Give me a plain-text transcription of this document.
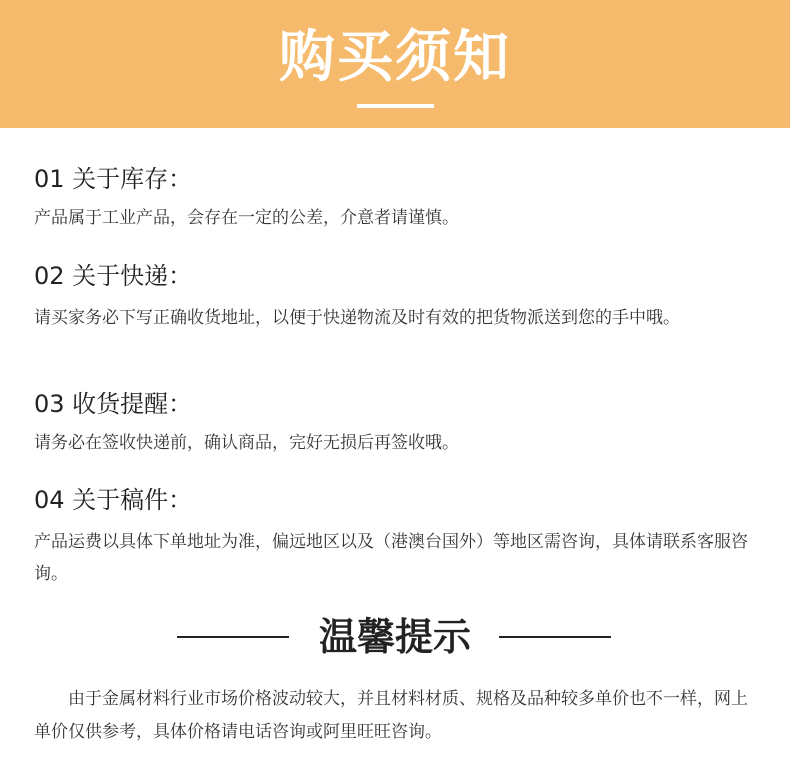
购买须知
01 关于库存：

产品属于工业产品，会存在一定的公差，介意者请谨慎。

02 关于快递：

请买家务必下写正确收货地址，以便于快递物流及时有效的把货物派送到您的手中哦。

03 收货提醒：

请务必在签收快递前，确认商品，完好无损后再签收哦。

04 关于稿件：

产品运费以具体下单地址为准，偏远地区以及（港澳台国外）等地区需咨询，具体请联系客服咨询。

温馨提示

由于金属材料行业市场价格波动较大，并且材料材质、规格及品种较多单价也不一样，网上单价仅供参考，具体价格请电话咨询或阿里旺旺咨询。
